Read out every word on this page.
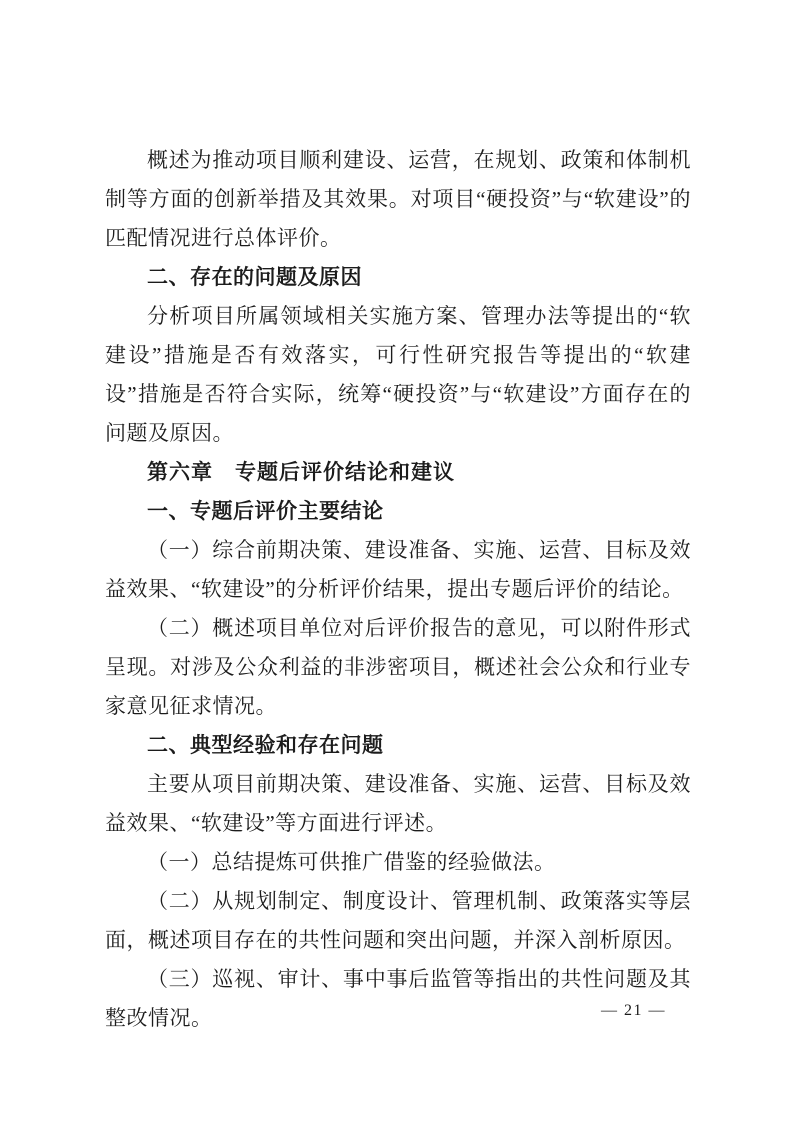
概述为推动项目顺利建设、运营，在规划、政策和体制机制等方面的创新举措及其效果。对项目“硬投资”与“软建设”的匹配情况进行总体评价。

二、存在的问题及原因

分析项目所属领域相关实施方案、管理办法等提出的“软建设”措施是否有效落实，可行性研究报告等提出的“软建设”措施是否符合实际，统筹“硬投资”与“软建设”方面存在的问题及原因。

第六章　专题后评价结论和建议

一、专题后评价主要结论

（一）综合前期决策、建设准备、实施、运营、目标及效益效果、“软建设”的分析评价结果，提出专题后评价的结论。

（二）概述项目单位对后评价报告的意见，可以附件形式呈现。对涉及公众利益的非涉密项目，概述社会公众和行业专家意见征求情况。

二、典型经验和存在问题

主要从项目前期决策、建设准备、实施、运营、目标及效益效果、“软建设”等方面进行评述。

（一）总结提炼可供推广借鉴的经验做法。

（二）从规划制定、制度设计、管理机制、政策落实等层面，概述项目存在的共性问题和突出问题，并深入剖析原因。

（三）巡视、审计、事中事后监管等指出的共性问题及其整改情况。	— 21 —
